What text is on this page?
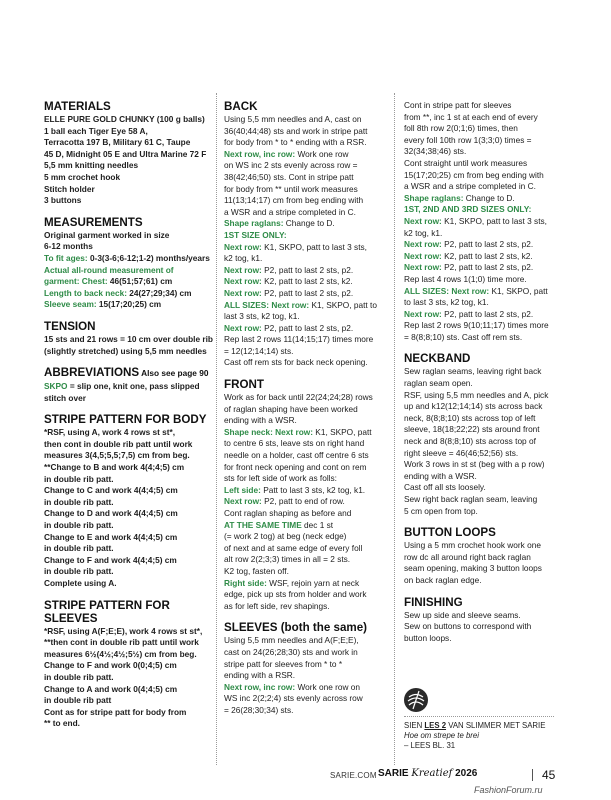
MATERIALS

ELLE PURE GOLD CHUNKY (100 g balls)

1 ball each Tiger Eye 58 A,

Terracotta 197 B, Military 61 C, Taupe

45 D, Midnight 05 E and Ultra Marine 72 F

5,5 mm knitting needles

5 mm crochet hook

Stitch holder

3 buttons

MEASUREMENTS

Original garment worked in size

6-12 months

To fit ages: 0-3(3-6;6-12;1-2) months/years

Actual all-round measurement of

garment: Chest: 46(51;57;61) cm

Length to back neck: 24(27;29;34) cm

Sleeve seam: 15(17;20;25) cm

TENSION

15 sts and 21 rows = 10 cm over double rib

(slightly stretched) using 5,5 mm needles

ABBREVIATIONS Also see page 90

SKPO = slip one, knit one, pass slipped

stitch over

STRIPE PATTERN FOR BODY

*RSF, using A, work 4 rows st st*,

then cont in double rib patt until work

measures 3(4,5;5,5;7,5) cm from beg.

**Change to B and work 4(4;4;5) cm

in double rib patt.

Change to C and work 4(4;4;5) cm

in double rib patt.

Change to D and work 4(4;4;5) cm

in double rib patt.

Change to E and work 4(4;4;5) cm

in double rib patt.

Change to F and work 4(4;4;5) cm

in double rib patt.

Complete using A.

STRIPE PATTERN FOR SLEEVES

*RSF, using A(F;E;E), work 4 rows st st*,

**then cont in double rib patt until work

measures 6½(4½;4½;5½) cm from beg.

Change to F and work 0(0;4;5) cm

in double rib patt.

Change to A and work 0(4;4;5) cm

in double rib patt

Cont as for stripe patt for body from

** to end.

BACK

Using 5,5 mm needles and A, cast on

36(40;44;48) sts and work in stripe patt

for body from * to * ending with a RSR.

Next row, inc row: Work one row

on WS inc 2 sts evenly across row =

38(42;46;50) sts. Cont in stripe patt

for body from ** until work measures

11(13;14;17) cm from beg ending with

a WSR and a stripe completed in C.

Shape raglans: Change to D.

1ST SIZE ONLY:

Next row: K1, SKPO, patt to last 3 sts,

k2 tog, k1.

Next row: P2, patt to last 2 sts, p2.

Next row: K2, patt to last 2 sts, k2.

Next row: P2, patt to last 2 sts, p2.

ALL SIZES: Next row: K1, SKPO, patt to

last 3 sts, k2 tog, k1.

Next row: P2, patt to last 2 sts, p2.

Rep last 2 rows 11(14;15;17) times more

= 12(12;14;14) sts.

Cast off rem sts for back neck opening.

FRONT

Work as for back until 22(24;24;28) rows

of raglan shaping have been worked

ending with a WSR.

Shape neck: Next row: K1, SKPO, patt

to centre 6 sts, leave sts on right hand

needle on a holder, cast off centre 6 sts

for front neck opening and cont on rem

sts for left side of work as folls:

Left side: Patt to last 3 sts, k2 tog, k1.

Next row: P2, patt to end of row.

Cont raglan shaping as before and

AT THE SAME TIME dec 1 st

(= work 2 tog) at beg (neck edge)

of next and at same edge of every foll

alt row 2(2;3;3) times in all = 2 sts.

K2 tog, fasten off.

Right side: WSF, rejoin yarn at neck

edge, pick up sts from holder and work

as for left side, rev shapings.

SLEEVES (both the same)

Using 5,5 mm needles and A(F;E;E),

cast on 24(26;28;30) sts and work in

stripe patt for sleeves from * to *

ending with a RSR.

Next row, inc row: Work one row on

WS inc 2(2;2;4) sts evenly across row

= 26(28;30;34) sts.

Cont in stripe patt for sleeves

from **, inc 1 st at each end of every

foll 8th row 2(0;1;6) times, then

every foll 10th row 1(3;3;0) times =

32(34;38;46) sts.

Cont straight until work measures

15(17;20;25) cm from beg ending with

a WSR and a stripe completed in C.

Shape raglans: Change to D.

1ST, 2ND AND 3RD SIZES ONLY:

Next row: K1, SKPO, patt to last 3 sts,

k2 tog, k1.

Next row: P2, patt to last 2 sts, p2.

Next row: K2, patt to last 2 sts, k2.

Next row: P2, patt to last 2 sts, p2.

Rep last 4 rows 1(1;0) time more.

ALL SIZES: Next row: K1, SKPO, patt

to last 3 sts, k2 tog, k1.

Next row: P2, patt to last 2 sts, p2.

Rep last 2 rows 9(10;11;17) times more

= 8(8;8;10) sts. Cast off rem sts.

NECKBAND

Sew raglan seams, leaving right back

raglan seam open.

RSF, using 5,5 mm needles and A, pick

up and k12(12;14;14) sts across back

neck, 8(8;8;10) sts across top of left

sleeve, 18(18;22;22) sts around front

neck and 8(8;8;10) sts across top of

right sleeve = 46(46;52;56) sts.

Work 3 rows in st st (beg with a p row)

ending with a WSR.

Cast off all sts loosely.

Sew right back raglan seam, leaving

5 cm open from top.

BUTTON LOOPS

Using a 5 mm crochet hook work one

row dc all around right back raglan

seam opening, making 3 button loops

on back raglan edge.

FINISHING

Sew up side and sleeve seams.

Sew on buttons to correspond with

button loops.

SIEN LES 2 VAN SLIMMER MET SARIE

Hoe om strepe te brei

– LEES BL. 31

SARIE.COM SARIE Kreatief 2026	45
FashionForum.ru
